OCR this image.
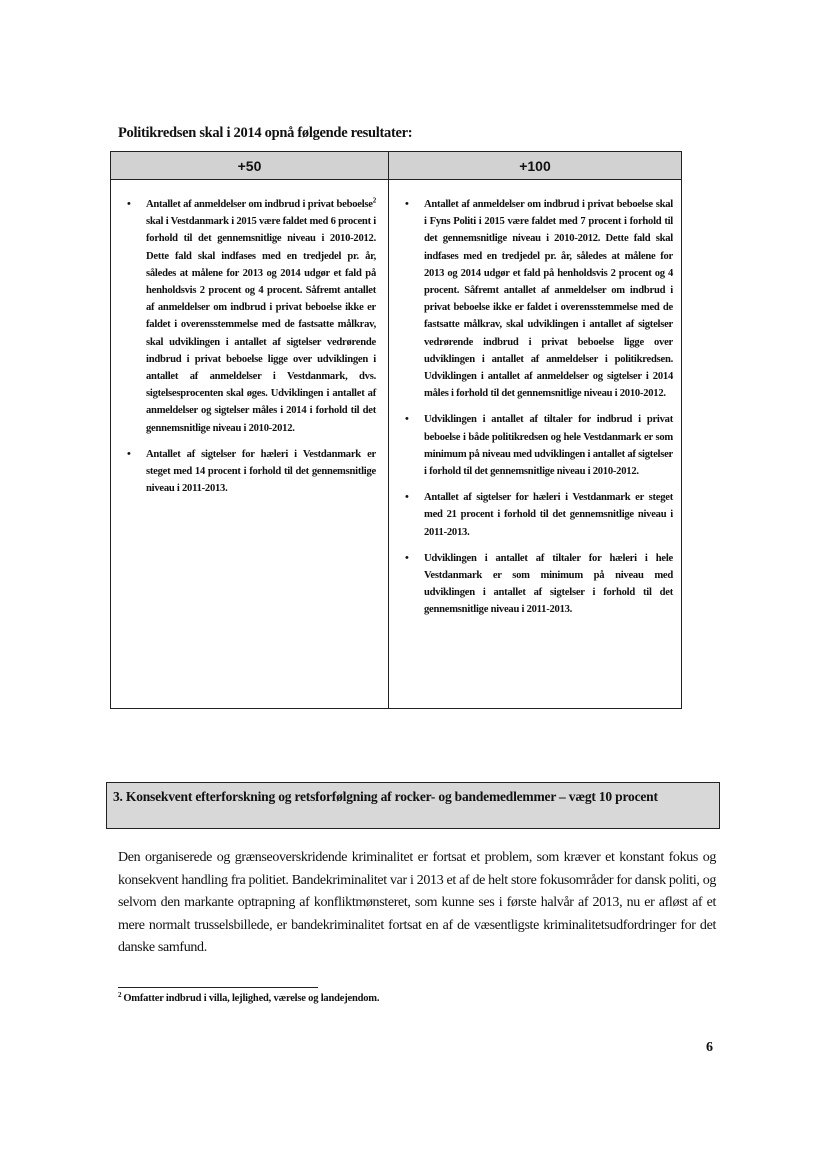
Politikredsen skal i 2014 opnå følgende resultater:
+50	+100
• Antallet af anmeldelser om indbrud i privat beboelse$^2$ skal i Vestdanmark i 2015 være faldet med 6 procent i forhold til det gennemsnitlige niveau i 2010-2012. Dette fald skal indfases med en tredjedel pr. år, således at målene for 2013 og 2014 udgør et fald på henholdsvis 2 procent og 4 procent. Såfremt antallet af anmeldelser om indbrud i privat beboelse ikke er faldet i overensstemmelse med de fastsatte målkrav, skal udviklingen i antallet af sigtelser vedrørende indbrud i privat beboelse ligge over udviklingen i antallet af anmeldelser i Vestdanmark, dvs. sigtelsesprocenten skal øges. Udviklingen i antallet af anmeldelser og sigtelser måles i 2014 i forhold til det gennemsnitlige niveau i 2010-2012.
• Antallet af sigtelser for hæleri i Vestdanmark er steget med 14 procent i forhold til det gennemsnitlige niveau i 2011-2013.
• Antallet af anmeldelser om indbrud i privat beboelse skal i Fyns Politi i 2015 være faldet med 7 procent i forhold til det gennemsnitlige niveau i 2010-2012. Dette fald skal indfases med en tredjedel pr. år, således at målene for 2013 og 2014 udgør et fald på henholdsvis 2 procent og 4 procent. Såfremt antallet af anmeldelser om indbrud i privat beboelse ikke er faldet i overensstemmelse med de fastsatte målkrav, skal udviklingen i antallet af sigtelser vedrørende indbrud i privat beboelse ligge over udviklingen i antallet af anmeldelser i politikredsen. Udviklingen i antallet af anmeldelser og sigtelser i 2014 måles i forhold til det gennemsnitlige niveau i 2010-2012.
• Udviklingen i antallet af tiltaler for indbrud i privat beboelse i både politikredsen og hele Vestdanmark er som minimum på niveau med udviklingen i antallet af sigtelser i forhold til det gennemsnitlige niveau i 2010-2012.
• Antallet af sigtelser for hæleri i Vestdanmark er steget med 21 procent i forhold til det gennemsnitlige niveau i 2011-2013.
• Udviklingen i antallet af tiltaler for hæleri i hele Vestdanmark er som minimum på niveau med udviklingen i antallet af sigtelser i forhold til det gennemsnitlige niveau i 2011-2013.
3. Konsekvent efterforskning og retsforfølgning af rocker- og bandemedlemmer – vægt 10 procent
Den organiserede og grænseoverskridende kriminalitet er fortsat et problem, som kræver et konstant fokus og konsekvent handling fra politiet. Bandekriminalitet var i 2013 et af de helt store fokusområder for dansk politi, og selvom den markante optrapning af konfliktmønsteret, som kunne ses i første halvår af 2013, nu er afløst af et mere normalt trusselsbillede, er bandekriminalitet fortsat en af de væsentligste kriminalitetsudfordringer for det danske samfund.
$^2$ Omfatter indbrud i villa, lejlighed, værelse og landejendom.
6
